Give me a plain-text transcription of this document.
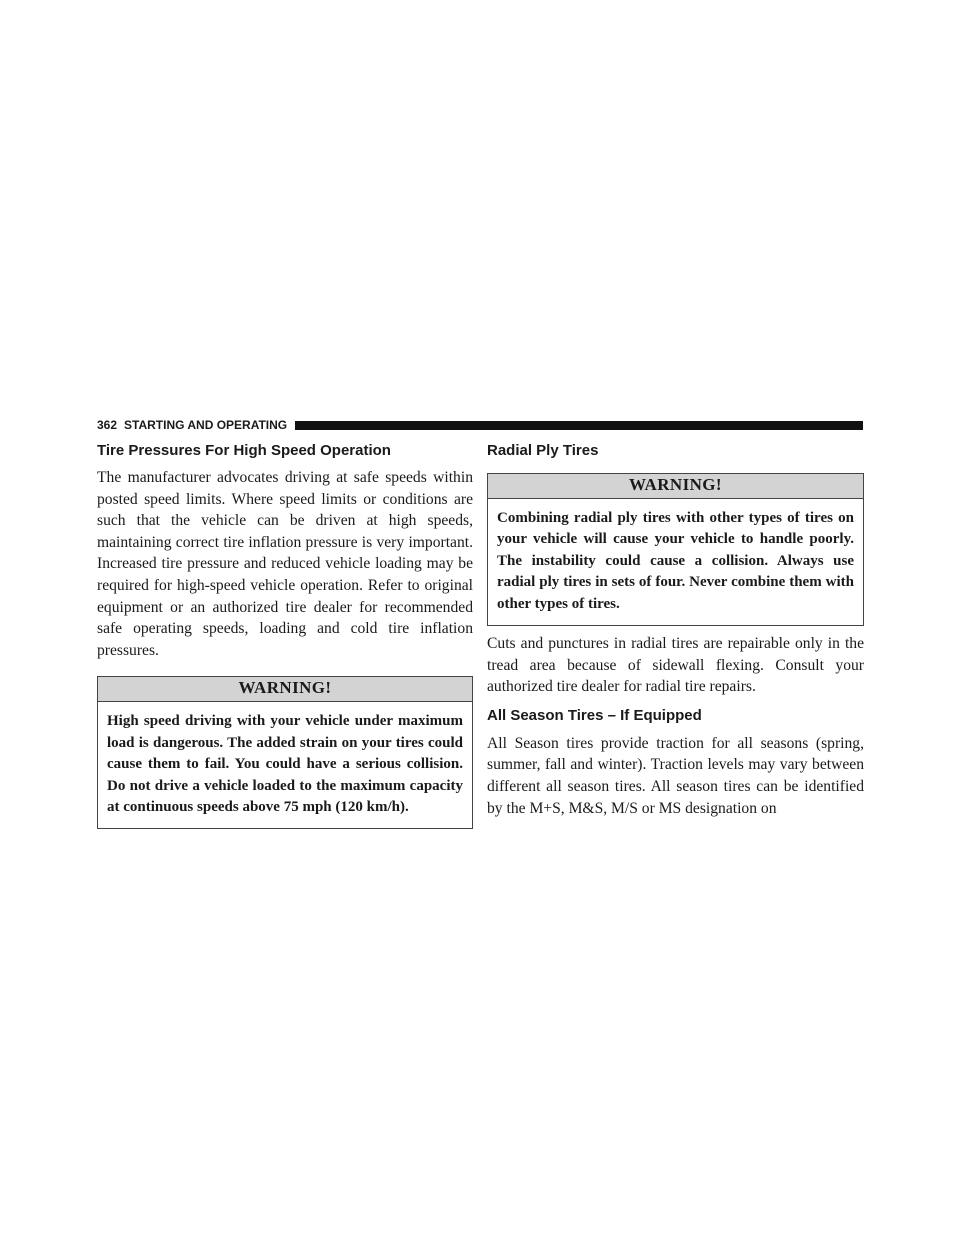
362 STARTING AND OPERATING
Tire Pressures For High Speed Operation

The manufacturer advocates driving at safe speeds within posted speed limits. Where speed limits or conditions are such that the vehicle can be driven at high speeds, maintaining correct tire inflation pressure is very important. Increased tire pressure and reduced vehicle loading may be required for high-speed vehicle operation. Refer to original equipment or an authorized tire dealer for recommended safe operating speeds, loading and cold tire inflation pressures.

WARNING!
High speed driving with your vehicle under maximum load is dangerous. The added strain on your tires could cause them to fail. You could have a serious collision. Do not drive a vehicle loaded to the maximum capacity at continuous speeds above 75 mph (120 km/h).
Radial Ply Tires
WARNING!
Combining radial ply tires with other types of tires on your vehicle will cause your vehicle to handle poorly. The instability could cause a collision. Always use radial ply tires in sets of four. Never combine them with other types of tires.

Cuts and punctures in radial tires are repairable only in the tread area because of sidewall flexing. Consult your authorized tire dealer for radial tire repairs.

All Season Tires – If Equipped

All Season tires provide traction for all seasons (spring, summer, fall and winter). Traction levels may vary between different all season tires. All season tires can be identified by the M+S, M&S, M/S or MS designation on
